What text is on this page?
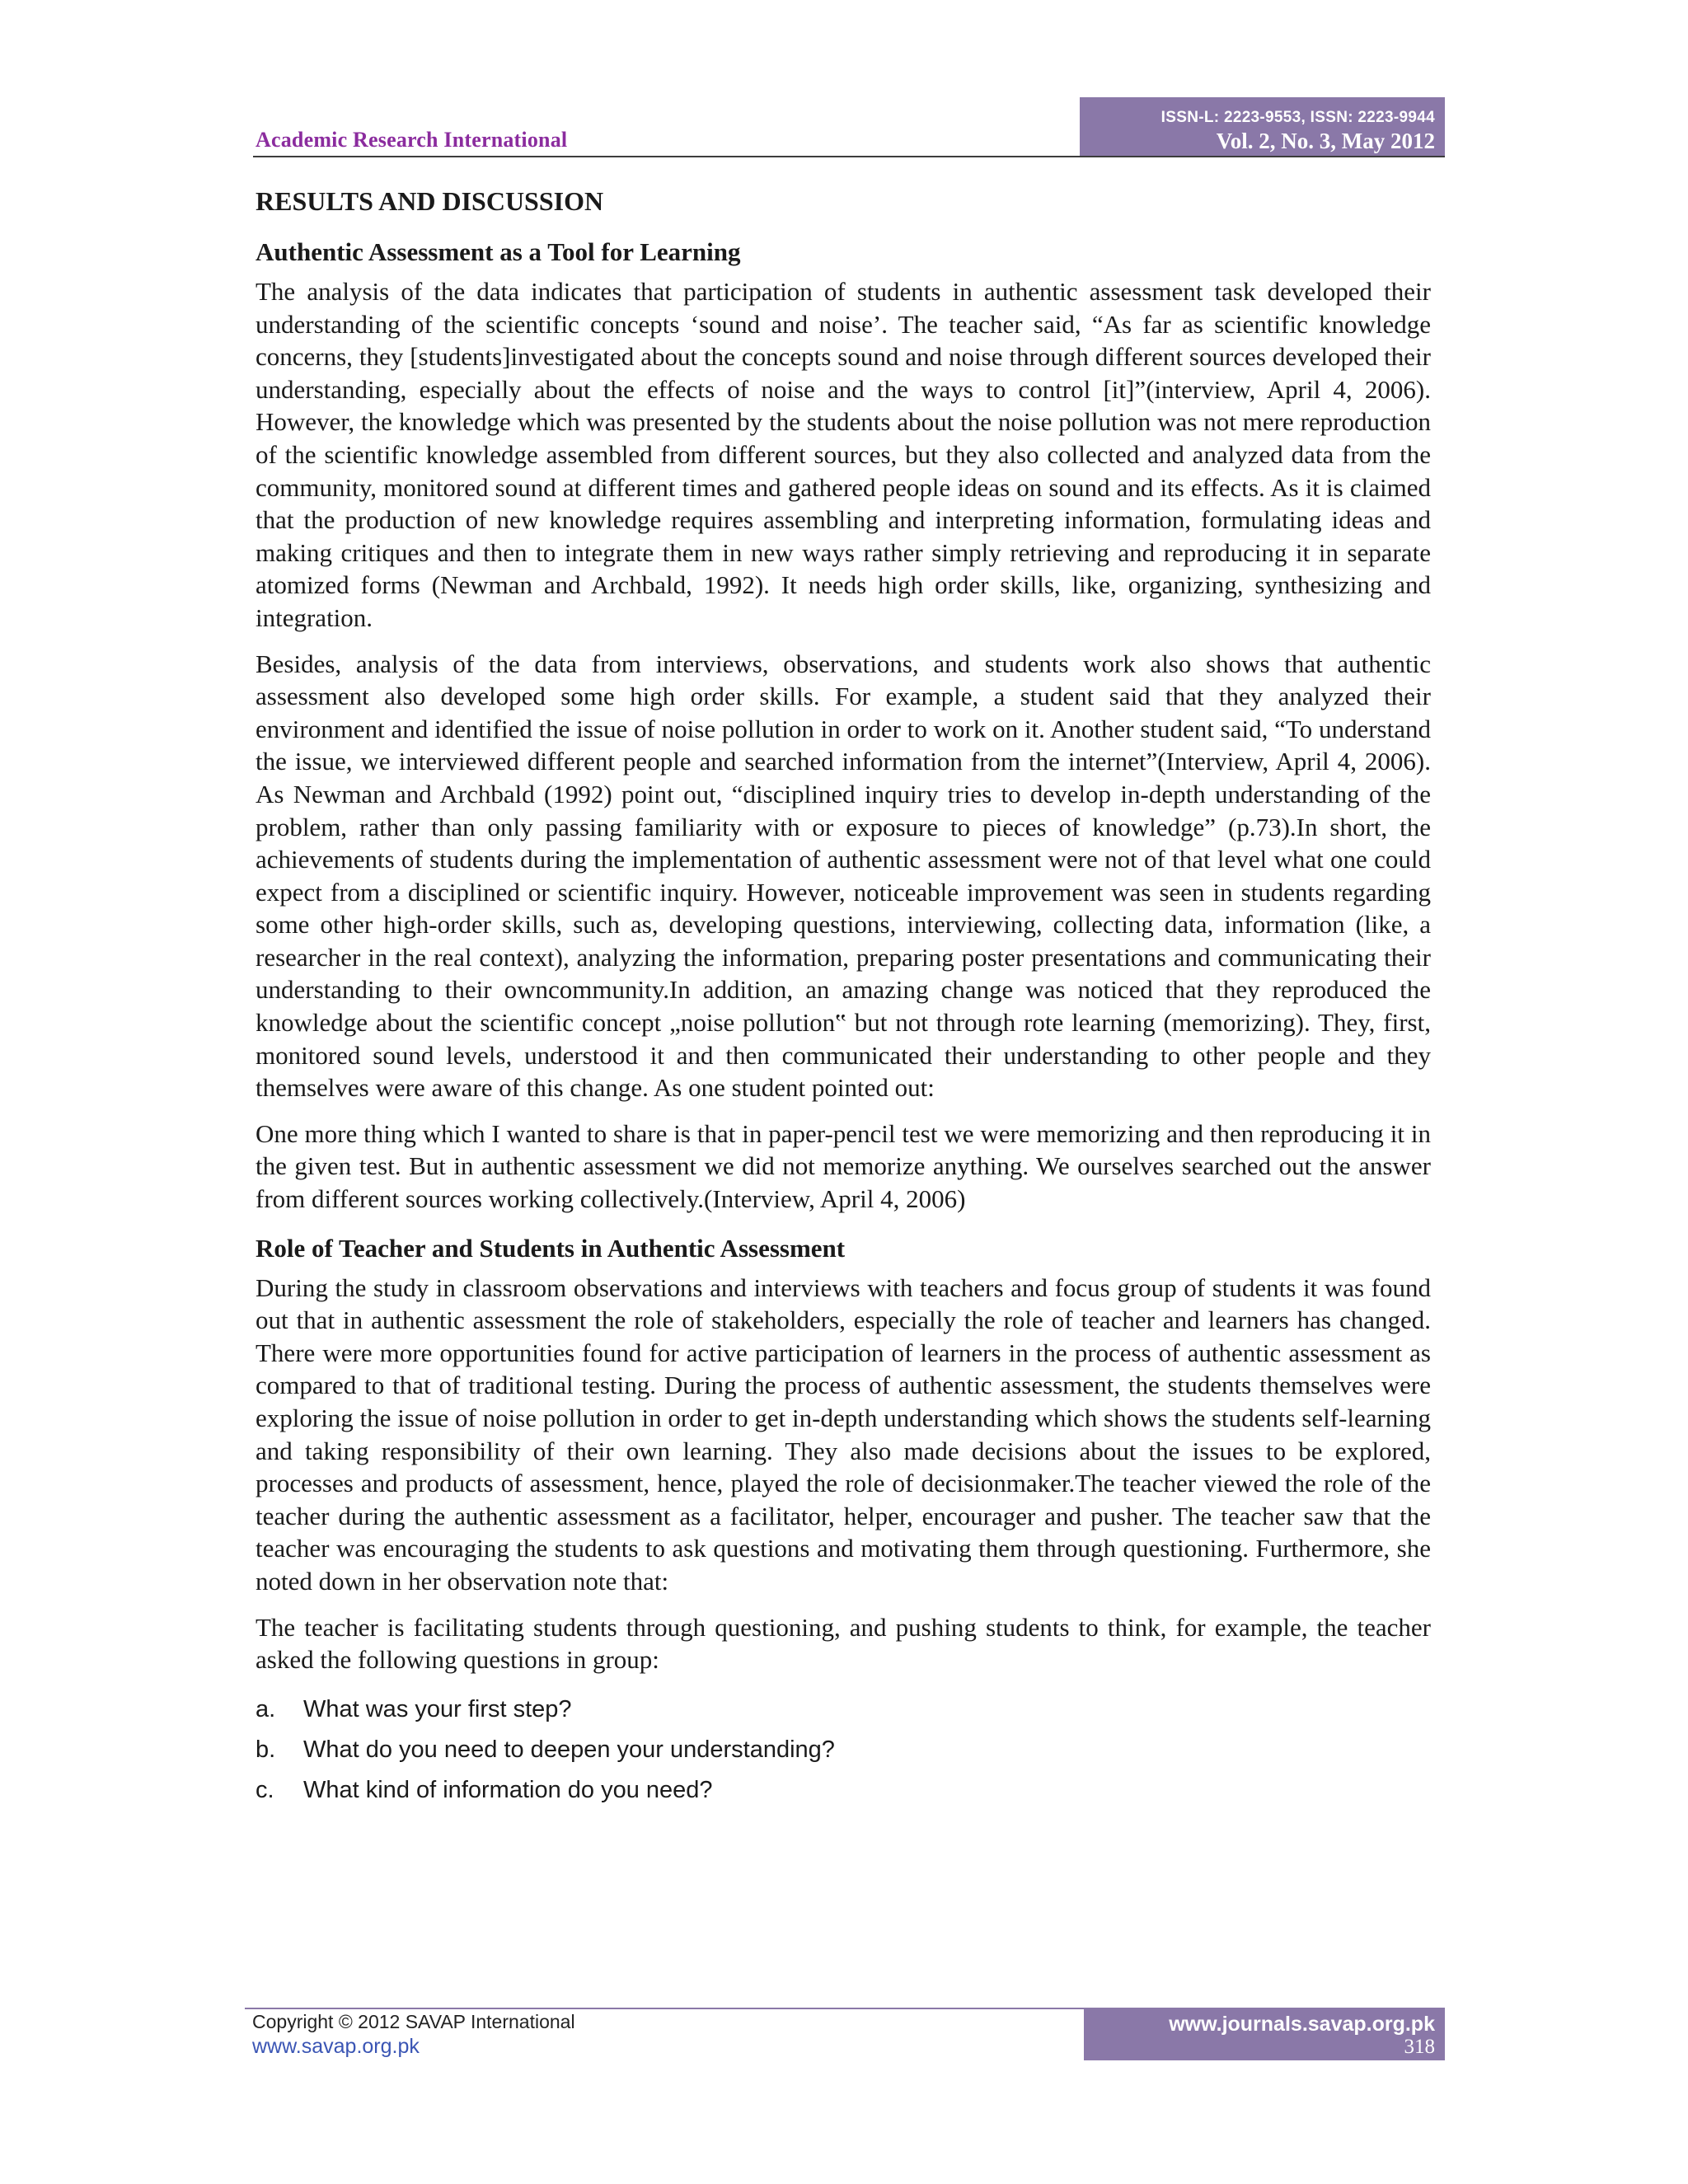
Academic Research International
ISSN-L: 2223-9553, ISSN: 2223-9944
Vol. 2, No. 3, May 2012
RESULTS AND DISCUSSION
Authentic Assessment as a Tool for Learning

The analysis of the data indicates that participation of students in authentic assessment task developed their understanding of the scientific concepts ‘sound and noise’. The teacher said, “As far as scientific knowledge concerns, they [students]investigated about the concepts sound and noise through different sources developed their understanding, especially about the effects of noise and the ways to control [it]”(interview, April 4, 2006). However, the knowledge which was presented by the students about the noise pollution was not mere reproduction of the scientific knowledge assembled from different sources, but they also collected and analyzed data from the community, monitored sound at different times and gathered people ideas on sound and its effects. As it is claimed that the production of new knowledge requires assembling and interpreting information, formulating ideas and making critiques and then to integrate them in new ways rather simply retrieving and reproducing it in separate atomized forms (Newman and Archbald, 1992). It needs high order skills, like, organizing, synthesizing and integration.

Besides, analysis of the data from interviews, observations, and students work also shows that authentic assessment also developed some high order skills. For example, a student said that they analyzed their environment and identified the issue of noise pollution in order to work on it. Another student said, “To understand the issue, we interviewed different people and searched information from the internet”(Interview, April 4, 2006). As Newman and Archbald (1992) point out, “disciplined inquiry tries to develop in-depth understanding of the problem, rather than only passing familiarity with or exposure to pieces of knowledge” (p.73).In short, the achievements of students during the implementation of authentic assessment were not of that level what one could expect from a disciplined or scientific inquiry. However, noticeable improvement was seen in students regarding some other high-order skills, such as, developing questions, interviewing, collecting data, information (like, a researcher in the real context), analyzing the information, preparing poster presentations and communicating their understanding to their owncommunity.In addition, an amazing change was noticed that they reproduced the knowledge about the scientific concept „noise pollution‟ but not through rote learning (memorizing). They, first, monitored sound levels, understood it and then communicated their understanding to other people and they themselves were aware of this change. As one student pointed out:

One more thing which I wanted to share is that in paper-pencil test we were memorizing and then reproducing it in the given test. But in authentic assessment we did not memorize anything. We ourselves searched out the answer from different sources working collectively.(Interview, April 4, 2006)

Role of Teacher and Students in Authentic Assessment

During the study in classroom observations and interviews with teachers and focus group of students it was found out that in authentic assessment the role of stakeholders, especially the role of teacher and learners has changed. There were more opportunities found for active participation of learners in the process of authentic assessment as compared to that of traditional testing. During the process of authentic assessment, the students themselves were exploring the issue of noise pollution in order to get in-depth understanding which shows the students self-learning and taking responsibility of their own learning. They also made decisions about the issues to be explored, processes and products of assessment, hence, played the role of decisionmaker.The teacher viewed the role of the teacher during the authentic assessment as a facilitator, helper, encourager and pusher. The teacher saw that the teacher was encouraging the students to ask questions and motivating them through questioning. Furthermore, she noted down in her observation note that:

The teacher is facilitating students through questioning, and pushing students to think, for example, the teacher asked the following questions in group:

a.	What was your first step?
b.	What do you need to deepen your understanding?
c.	What kind of information do you need?
Copyright © 2012 SAVAP International
www.savap.org.pk
www.journals.savap.org.pk
318
